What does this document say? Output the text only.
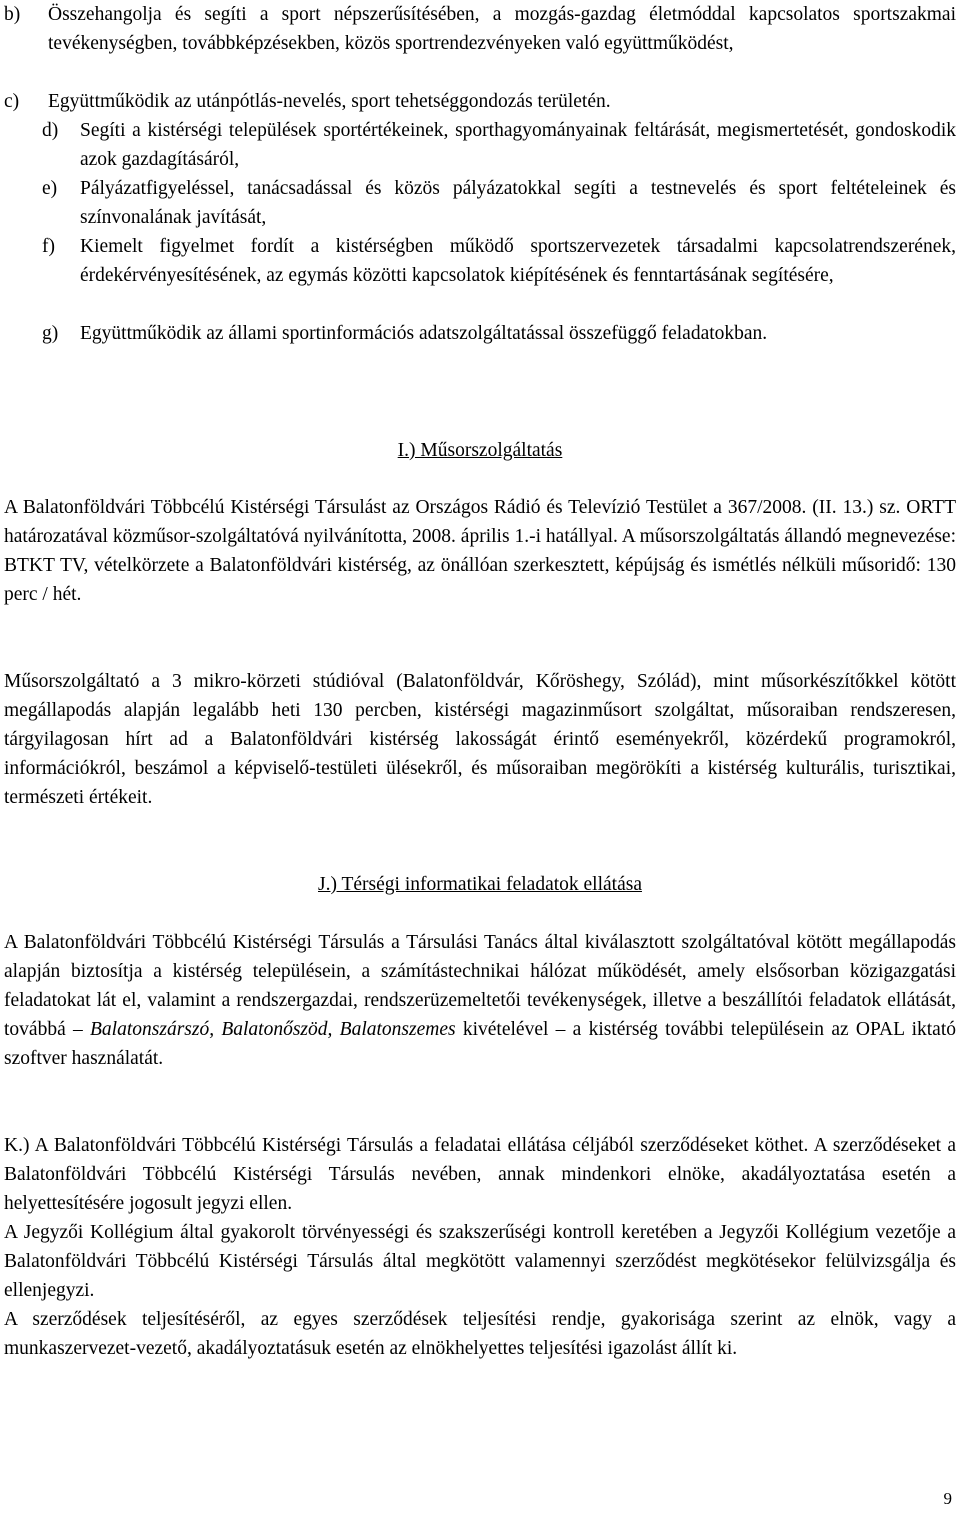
b)	Összehangolja és segíti a sport népszerűsítésében, a mozgás-gazdag életmóddal kapcsolatos sportszakmai tevékenységben, továbbképzésekben, közös sportrendezvényeken való együttműködést,
c)	Együttműködik az utánpótlás-nevelés, sport tehetséggondozás területén.
d)	Segíti a kistérségi települések sportértékeinek, sporthagyományainak feltárását, megismertetését, gondoskodik azok gazdagításáról,
e)	Pályázatfigyeléssel, tanácsadással és közös pályázatokkal segíti a testnevelés és sport feltételeinek és színvonalának javítását,
f)	Kiemelt figyelmet fordít a kistérségben működő sportszervezetek társadalmi kapcsolatrendszerének, érdekérvényesítésének, az egymás közötti kapcsolatok kiépítésének és fenntartásának segítésére,
g)	Együttműködik az állami sportinformációs adatszolgáltatással összefüggő feladatokban.
I.) Műsorszolgáltatás
A Balatonföldvári Többcélú Kistérségi Társulást az Országos Rádió és Televízió Testület a 367/2008. (II. 13.) sz. ORTT határozatával közműsor-szolgáltatóvá nyilvánította, 2008. április 1.-i hatállyal. A műsorszolgáltatás állandó megnevezése: BTKT TV, vételkörzete a Balatonföldvári kistérség, az önállóan szerkesztett, képújság és ismétlés nélküli műsoridő: 130 perc / hét.
Műsorszolgáltató a 3 mikro-körzeti stúdióval (Balatonföldvár, Kőröshegy, Szólád), mint műsorkészítőkkel kötött megállapodás alapján legalább heti 130 percben, kistérségi magazinműsort szolgáltat, műsoraiban rendszeresen, tárgyilagosan hírt ad a Balatonföldvári kistérség lakosságát érintő eseményekről, közérdekű programokról, információkról, beszámol a képviselő-testületi ülésekről, és műsoraiban megörökíti a kistérség kulturális, turisztikai, természeti értékeit.
J.) Térségi informatikai feladatok ellátása
A Balatonföldvári Többcélú Kistérségi Társulás a Társulási Tanács által kiválasztott szolgáltatóval kötött megállapodás alapján biztosítja a kistérség településein, a számítástechnikai hálózat működését, amely elsősorban közigazgatási feladatokat lát el, valamint a rendszergazdai, rendszerüzemeltetői tevékenységek, illetve a beszállítói feladatok ellátását, továbbá – Balatonszárszó, Balatonőszöd, Balatonszemes kivételével – a kistérség további településein az OPAL iktató szoftver használatát.
K.) A Balatonföldvári Többcélú Kistérségi Társulás a feladatai ellátása céljából szerződéseket köthet. A szerződéseket a Balatonföldvári Többcélú Kistérségi Társulás nevében, annak mindenkori elnöke, akadályoztatása esetén a helyettesítésére jogosult jegyzi ellen.
A Jegyzői Kollégium által gyakorolt törvényességi és szakszerűségi kontroll keretében a Jegyzői Kollégium vezetője a Balatonföldvári Többcélú Kistérségi Társulás által megkötött valamennyi szerződést megkötésekor felülvizsgálja és ellenjegyzi.
A szerződések teljesítéséről, az egyes szerződések teljesítési rendje, gyakorisága szerint az elnök, vagy a munkaszervezet-vezető, akadályoztatásuk esetén az elnökhelyettes teljesítési igazolást állít ki.
9
